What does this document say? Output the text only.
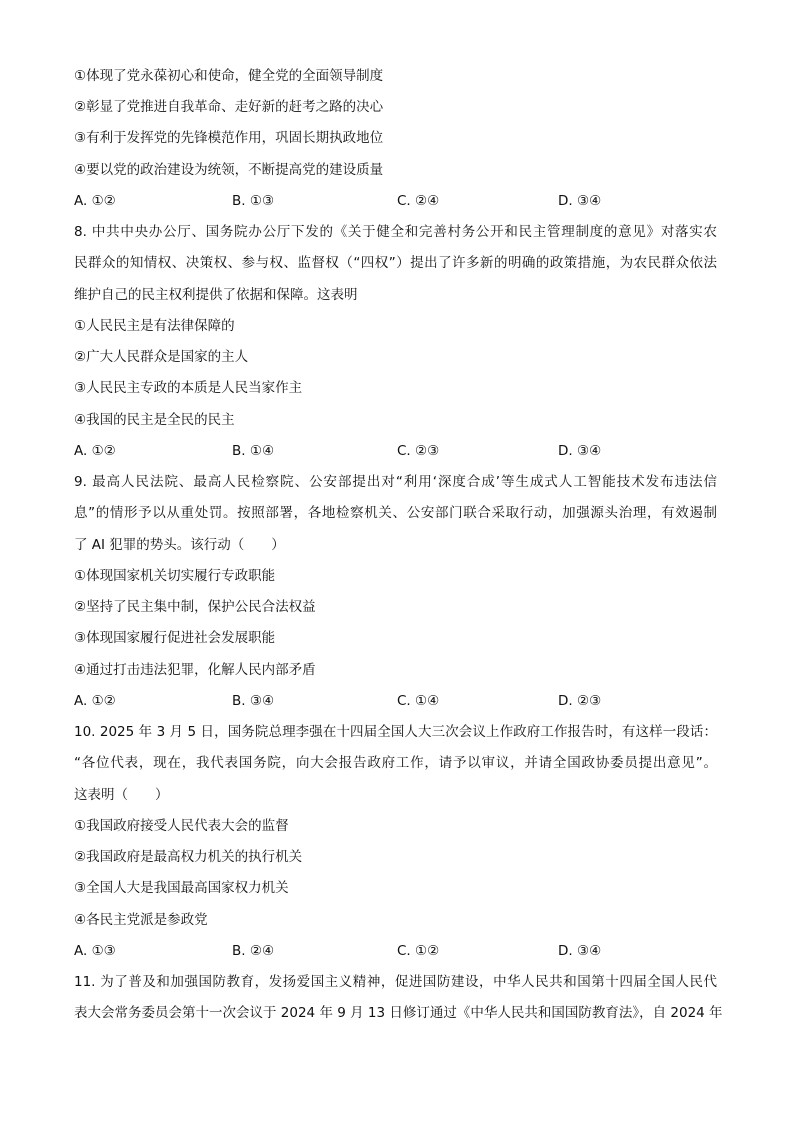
①体现了党永葆初心和使命，健全党的全面领导制度
②彰显了党推进自我革命、走好新的赶考之路的决心
③有利于发挥党的先锋模范作用，巩固长期执政地位
④要以党的政治建设为统领，不断提高党的建设质量
A. ①②	B. ①③	C. ②④	D. ③④
8. 中共中央办公厅、国务院办公厅下发的《关于健全和完善村务公开和民主管理制度的意见》对落实农
民群众的知情权、决策权、参与权、监督权（“四权”）提出了许多新的明确的政策措施，为农民群众依法
维护自己的民主权利提供了依据和保障。这表明
①人民民主是有法律保障的
②广大人民群众是国家的主人
③人民民主专政的本质是人民当家作主
④我国的民主是全民的民主
A. ①②	B. ①④	C. ②③	D. ③④
9. 最高人民法院、最高人民检察院、公安部提出对“利用‘深度合成’等生成式人工智能技术发布违法信
息”的情形予以从重处罚。按照部署，各地检察机关、公安部门联合采取行动，加强源头治理，有效遏制
了 AI 犯罪的势头。该行动（　　）
①体现国家机关切实履行专政职能
②坚持了民主集中制，保护公民合法权益
③体现国家履行促进社会发展职能
④通过打击违法犯罪，化解人民内部矛盾
A. ①②	B. ③④	C. ①④	D. ②③
10. 2025 年 3 月 5 日，国务院总理李强在十四届全国人大三次会议上作政府工作报告时，有这样一段话：
“各位代表，现在，我代表国务院，向大会报告政府工作，请予以审议，并请全国政协委员提出意见”。
这表明（　　）
①我国政府接受人民代表大会的监督
②我国政府是最高权力机关的执行机关
③全国人大是我国最高国家权力机关
④各民主党派是参政党
A. ①③	B. ②④	C. ①②	D. ③④
11. 为了普及和加强国防教育，发扬爱国主义精神，促进国防建设，中华人民共和国第十四届全国人民代
表大会常务委员会第十一次会议于 2024 年 9 月 13 日修订通过《中华人民共和国国防教育法》，自 2024 年
